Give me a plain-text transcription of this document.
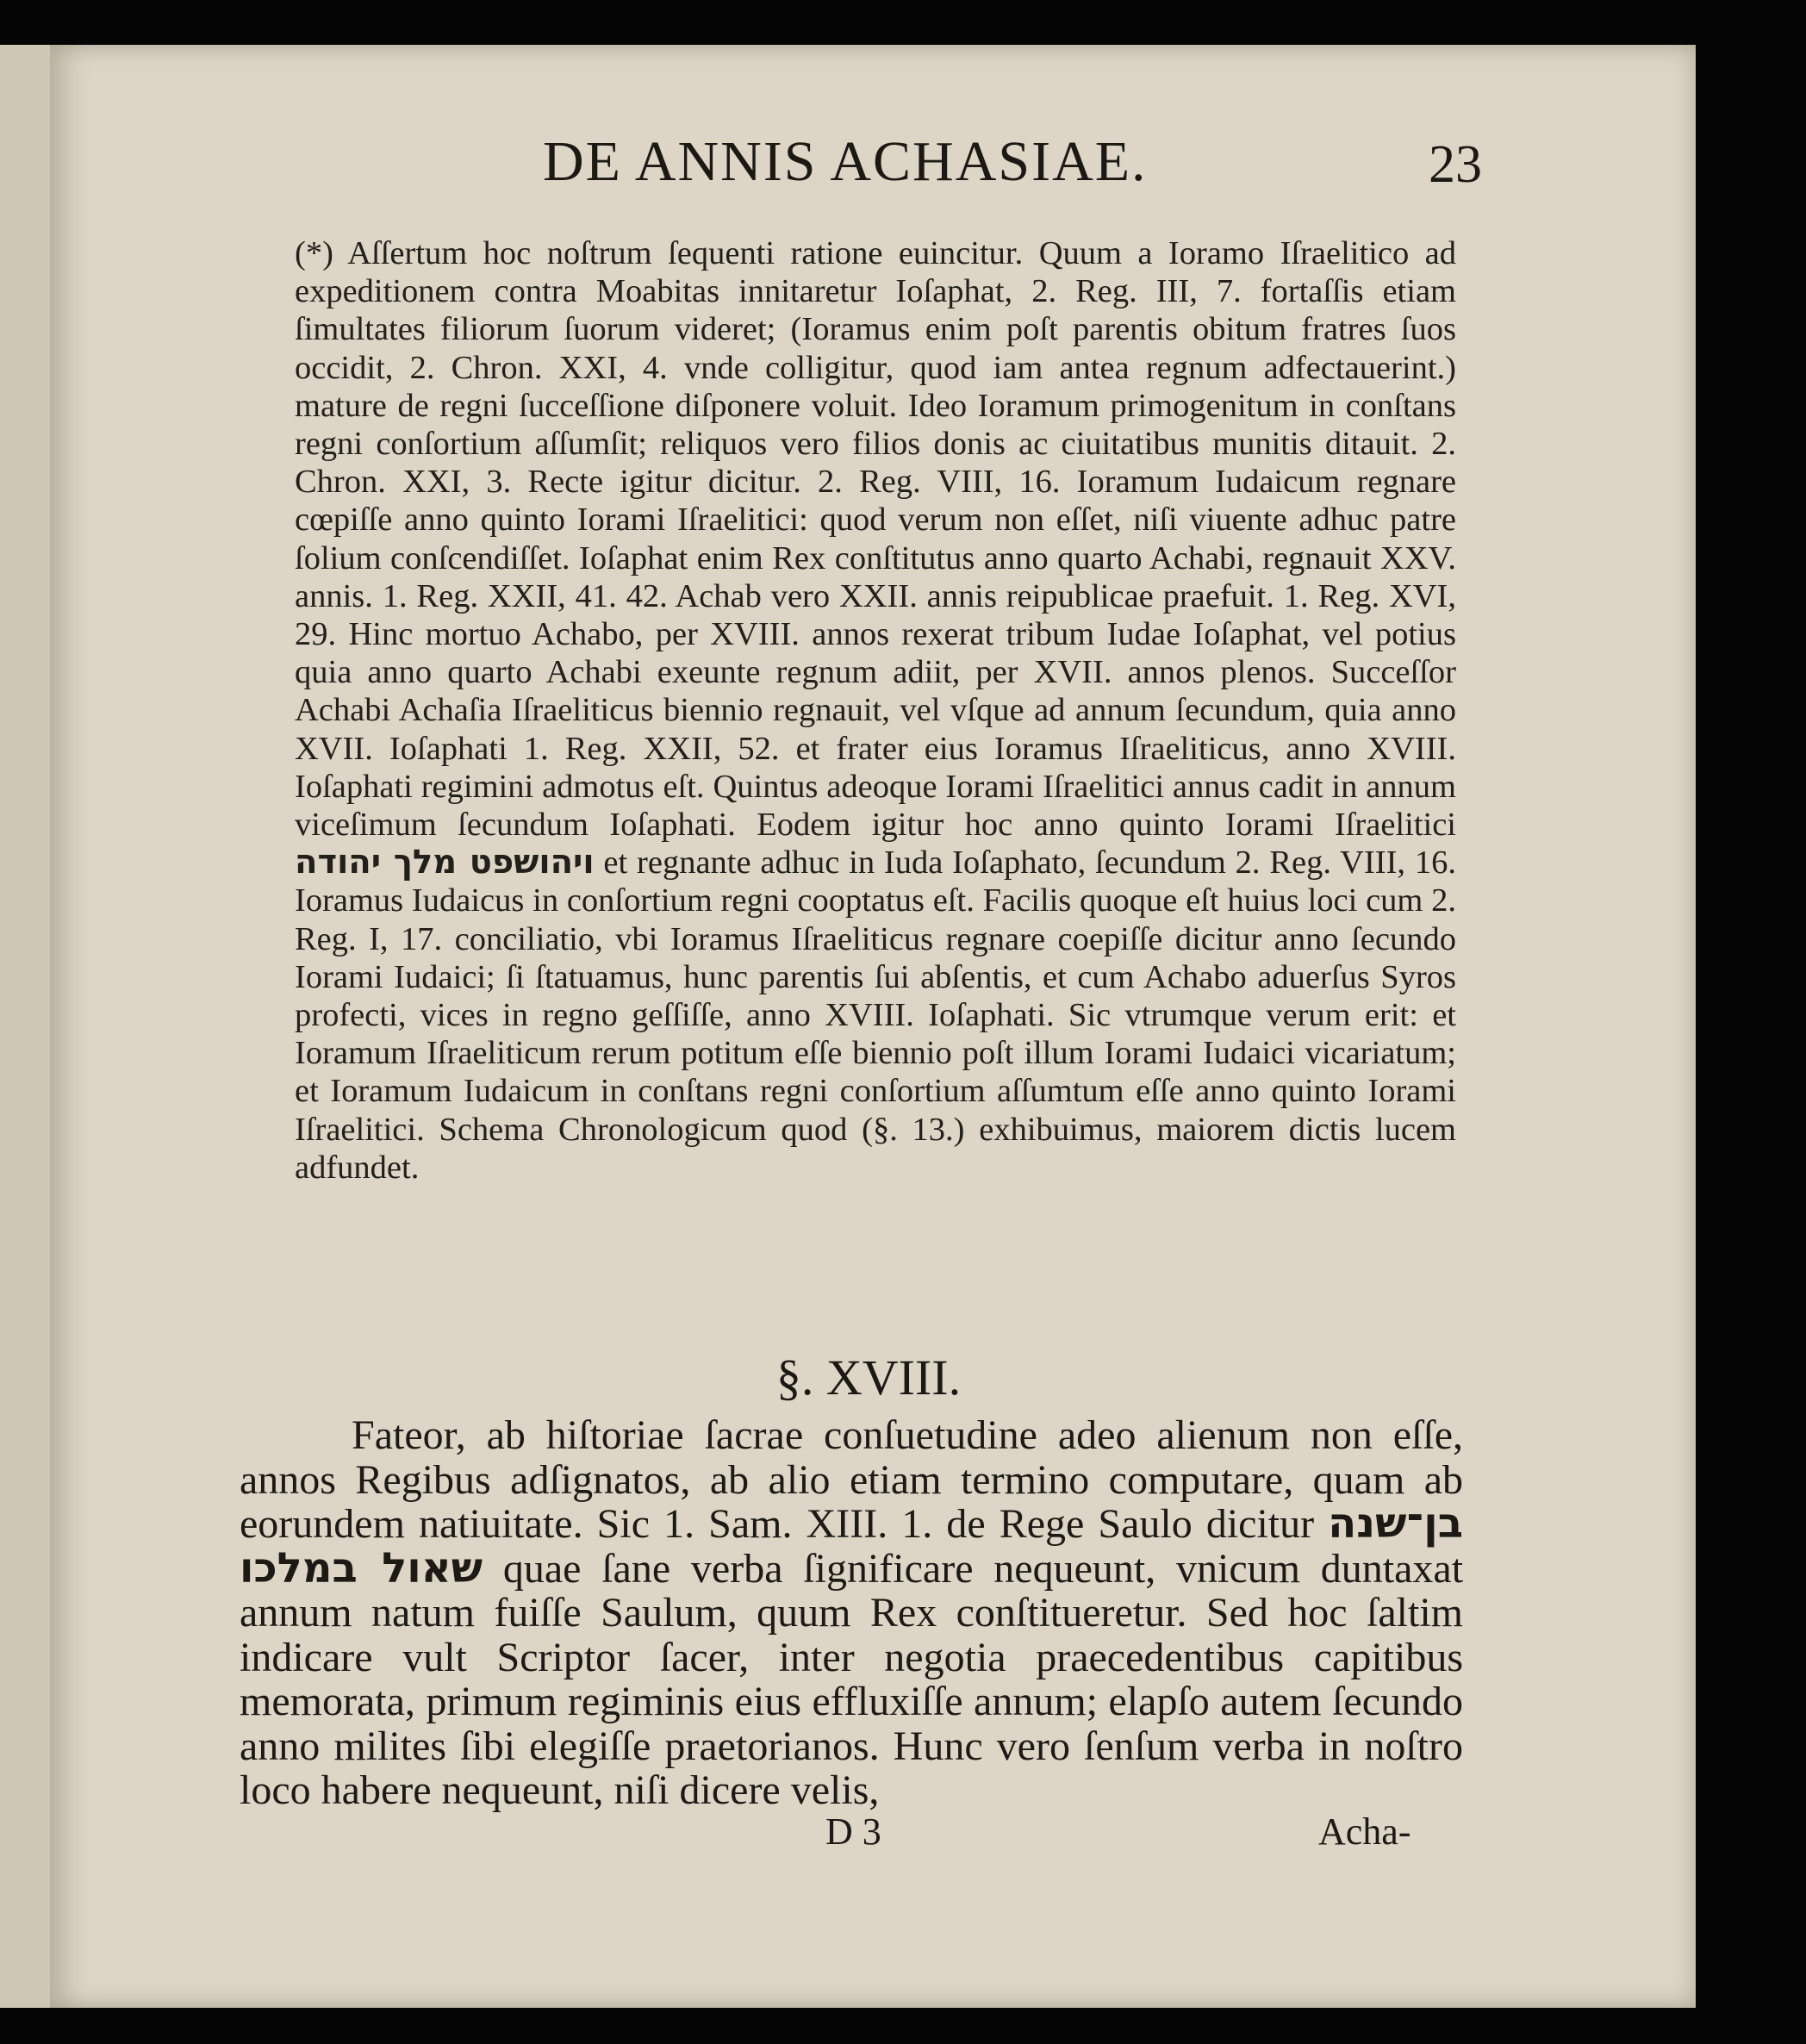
DE ANNIS ACHASIAE.	23

(*) Aſſertum hoc noſtrum ſequenti ratione euincitur. Quum a Ioramo Iſraelitico ad expeditionem contra Moabitas innitaretur Ioſaphat, 2. Reg. III, 7. fortaſſis etiam ſimultates filiorum ſuorum videret; (Ioramus enim poſt parentis obitum fratres ſuos occidit, 2. Chron. XXI, 4. vnde colligitur, quod iam antea regnum adfectauerint.) mature de regni ſucceſſione diſponere voluit. Ideo Ioramum primogenitum in conſtans regni conſortium aſſumſit; reliquos vero filios donis ac ciuitatibus munitis ditauit. 2. Chron. XXI, 3. Recte igitur dicitur. 2. Reg. VIII, 16. Ioramum Iudaicum regnare cœpiſſe anno quinto Iorami Iſraelitici: quod verum non eſſet, niſi viuente adhuc patre ſolium conſcendiſſet. Ioſaphat enim Rex conſtitutus anno quarto Achabi, regnauit XXV. annis. 1. Reg. XXII, 41. 42. Achab vero XXII. annis reipublicae praefuit. 1. Reg. XVI, 29. Hinc mortuo Achabo, per XVIII. annos rexerat tribum Iudae Ioſaphat, vel potius quia anno quarto Achabi exeunte regnum adiit, per XVII. annos plenos. Succeſſor Achabi Achaſia Iſraeliticus biennio regnauit, vel vſque ad annum ſecundum, quia anno XVII. Ioſaphati 1. Reg. XXII, 52. et frater eius Ioramus Iſraeliticus, anno XVIII. Ioſaphati regimini admotus eſt. Quintus adeoque Iorami Iſraelitici annus cadit in annum viceſimum ſecundum Ioſaphati. Eodem igitur hoc anno quinto Iorami Iſraelitici ויהושפט מלך יהודה et regnante adhuc in Iuda Ioſaphato, ſecundum 2. Reg. VIII, 16. Ioramus Iudaicus in conſortium regni cooptatus eſt. Facilis quoque eſt huius loci cum 2. Reg. I, 17. conciliatio, vbi Ioramus Iſraeliticus regnare coepiſſe dicitur anno ſecundo Iorami Iudaici; ſi ſtatuamus, hunc parentis ſui abſentis, et cum Achabo aduerſus Syros profecti, vices in regno geſſiſſe, anno XVIII. Ioſaphati. Sic vtrumque verum erit: et Ioramum Iſraeliticum rerum potitum eſſe biennio poſt illum Iorami Iudaici vicariatum; et Ioramum Iudaicum in conſtans regni conſortium aſſumtum eſſe anno quinto Iorami Iſraelitici. Schema Chronologicum quod (§. 13.) exhibuimus, maiorem dictis lucem adfundet.

§. XVIII.

Fateor, ab hiſtoriae ſacrae conſuetudine adeo alienum non eſſe, annos Regibus adſignatos, ab alio etiam termino computare, quam ab eorundem natiuitate. Sic 1. Sam. XIII. 1. de Rege Saulo dicitur בן־שנה שאול במלכו quae ſane verba ſignificare nequeunt, vnicum duntaxat annum natum fuiſſe Saulum, quum Rex conſtitueretur. Sed hoc ſaltim indicare vult Scriptor ſacer, inter negotia praecedentibus capitibus memorata, primum regiminis eius effluxiſſe annum; elapſo autem ſecundo anno milites ſibi elegiſſe praetorianos. Hunc vero ſenſum verba in noſtro loco habere nequeunt, niſi dicere velis,

D 3	Acha-
